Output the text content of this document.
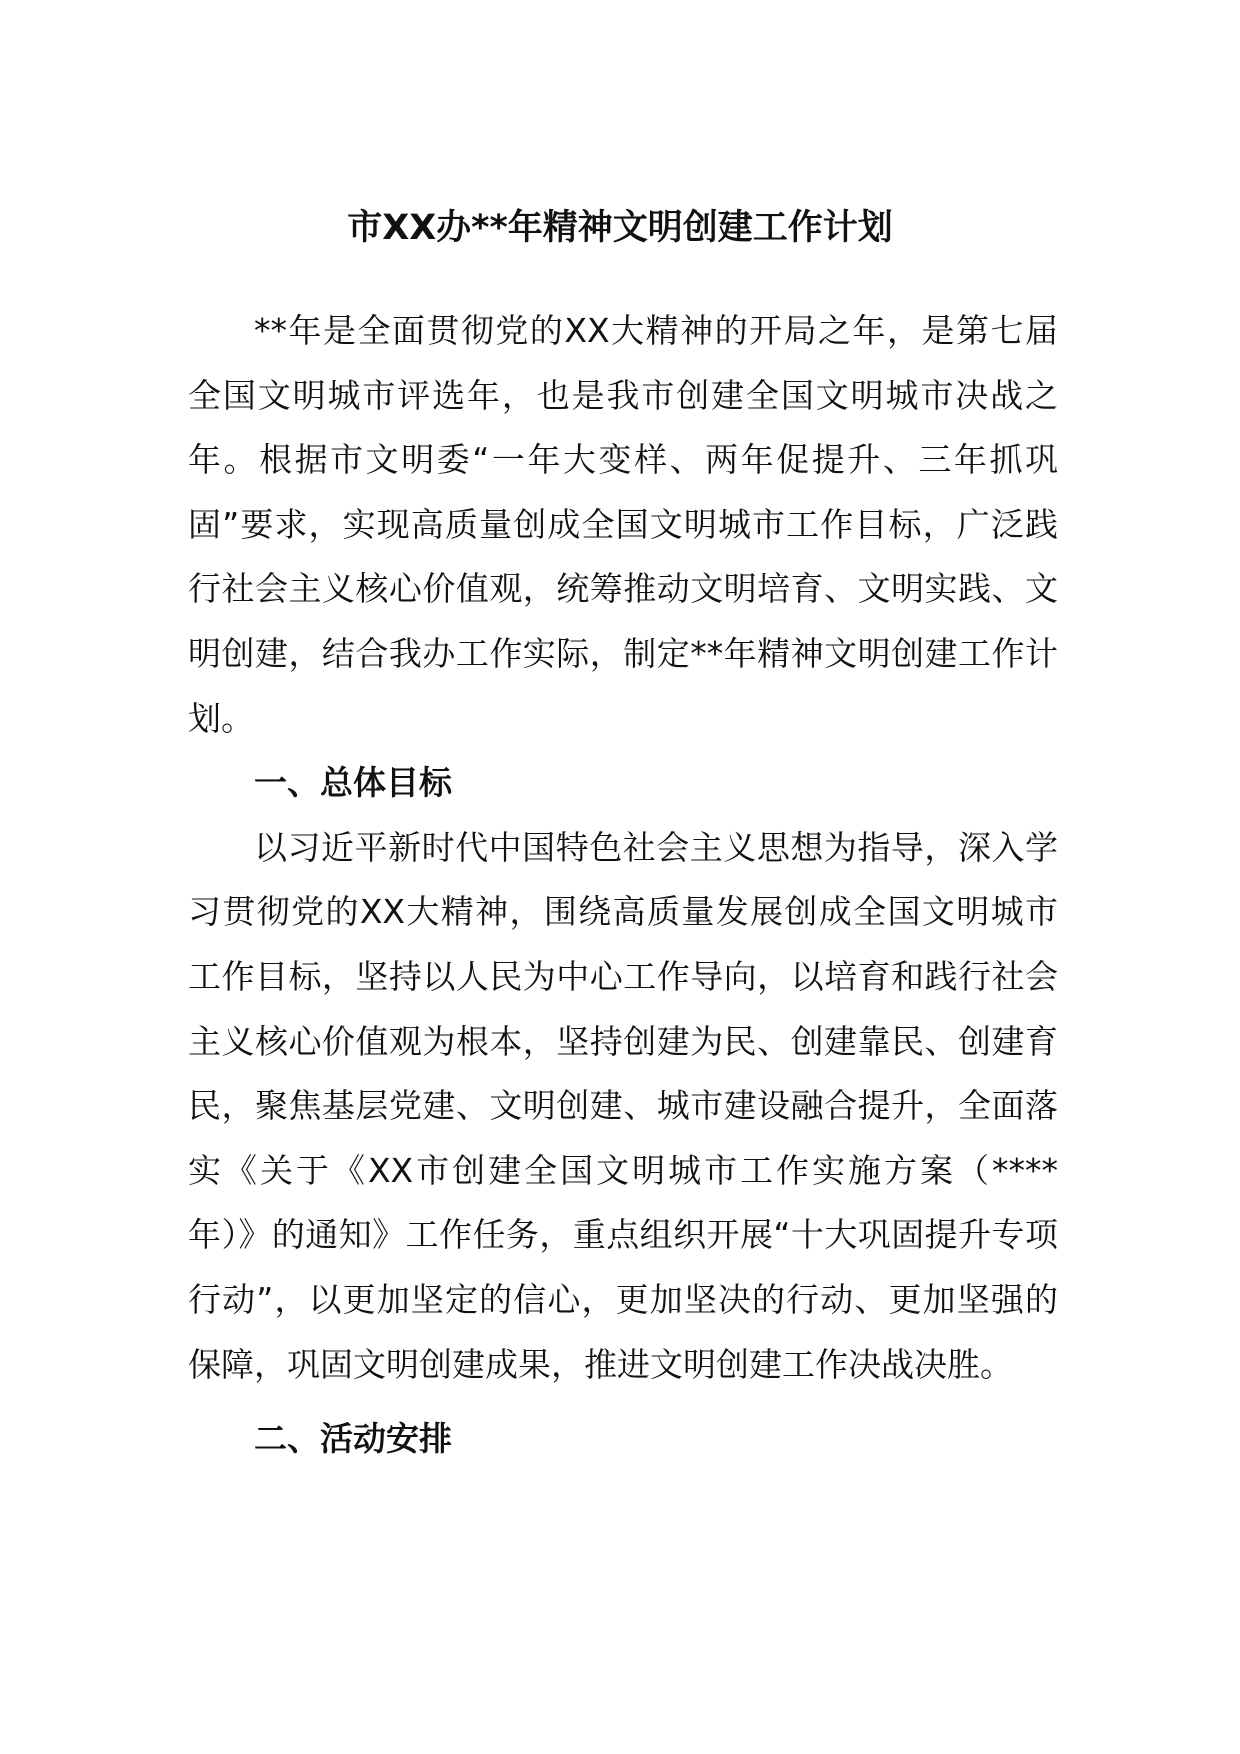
市XX办**年精神文明创建工作计划

**年是全面贯彻党的XX大精神的开局之年，是第七届全国文明城市评选年，也是我市创建全国文明城市决战之年。根据市文明委“一年大变样、两年促提升、三年抓巩固”要求，实现高质量创成全国文明城市工作目标，广泛践行社会主义核心价值观，统筹推动文明培育、文明实践、文明创建，结合我办工作实际，制定**年精神文明创建工作计划。

一、总体目标

以习近平新时代中国特色社会主义思想为指导，深入学习贯彻党的XX大精神，围绕高质量发展创成全国文明城市工作目标，坚持以人民为中心工作导向，以培育和践行社会主义核心价值观为根本，坚持创建为民、创建靠民、创建育民，聚焦基层党建、文明创建、城市建设融合提升，全面落实《关于《XX市创建全国文明城市工作实施方案（****年）》的通知》工作任务，重点组织开展“十大巩固提升专项行动”，以更加坚定的信心，更加坚决的行动、更加坚强的保障，巩固文明创建成果，推进文明创建工作决战决胜。

二、活动安排
